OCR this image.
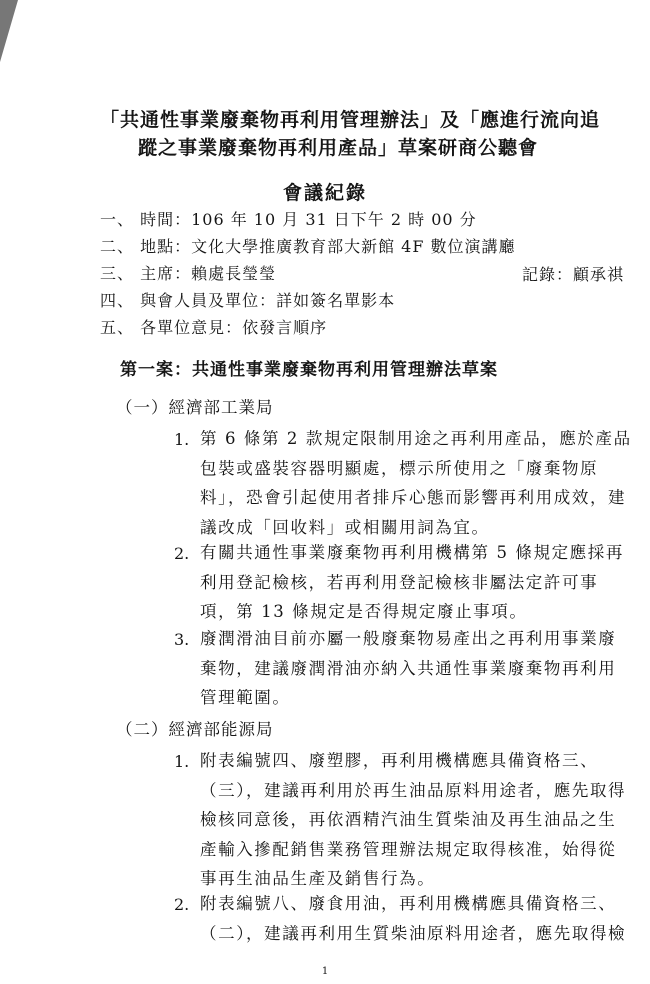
「共通性事業廢棄物再利用管理辦法」及「應進行流向追
蹤之事業廢棄物再利用產品」草案研商公聽會
會議紀錄
一、 時間：106 年 10 月 31 日下午 2 時 00 分
二、 地點：文化大學推廣教育部大新館 4F 數位演講廳
三、 主席：賴處長瑩瑩	記錄：顧承祺
四、 與會人員及單位：詳如簽名單影本
五、 各單位意見：依發言順序
第一案：共通性事業廢棄物再利用管理辦法草案
（一）經濟部工業局
1. 第 6 條第 2 款規定限制用途之再利用產品，應於產品
包裝或盛裝容器明顯處，標示所使用之「廢棄物原
料」，恐會引起使用者排斥心態而影響再利用成效，建
議改成「回收料」或相關用詞為宜。
2. 有關共通性事業廢棄物再利用機構第 5 條規定應採再
利用登記檢核，若再利用登記檢核非屬法定許可事
項，第 13 條規定是否得規定廢止事項。
3. 廢潤滑油目前亦屬一般廢棄物易產出之再利用事業廢
棄物，建議廢潤滑油亦納入共通性事業廢棄物再利用
管理範圍。
（二）經濟部能源局
1. 附表編號四、廢塑膠，再利用機構應具備資格三、
（三），建議再利用於再生油品原料用途者，應先取得
檢核同意後，再依酒精汽油生質柴油及再生油品之生
產輸入摻配銷售業務管理辦法規定取得核准，始得從
事再生油品生產及銷售行為。
2. 附表編號八、廢食用油，再利用機構應具備資格三、
（二），建議再利用生質柴油原料用途者，應先取得檢
1
